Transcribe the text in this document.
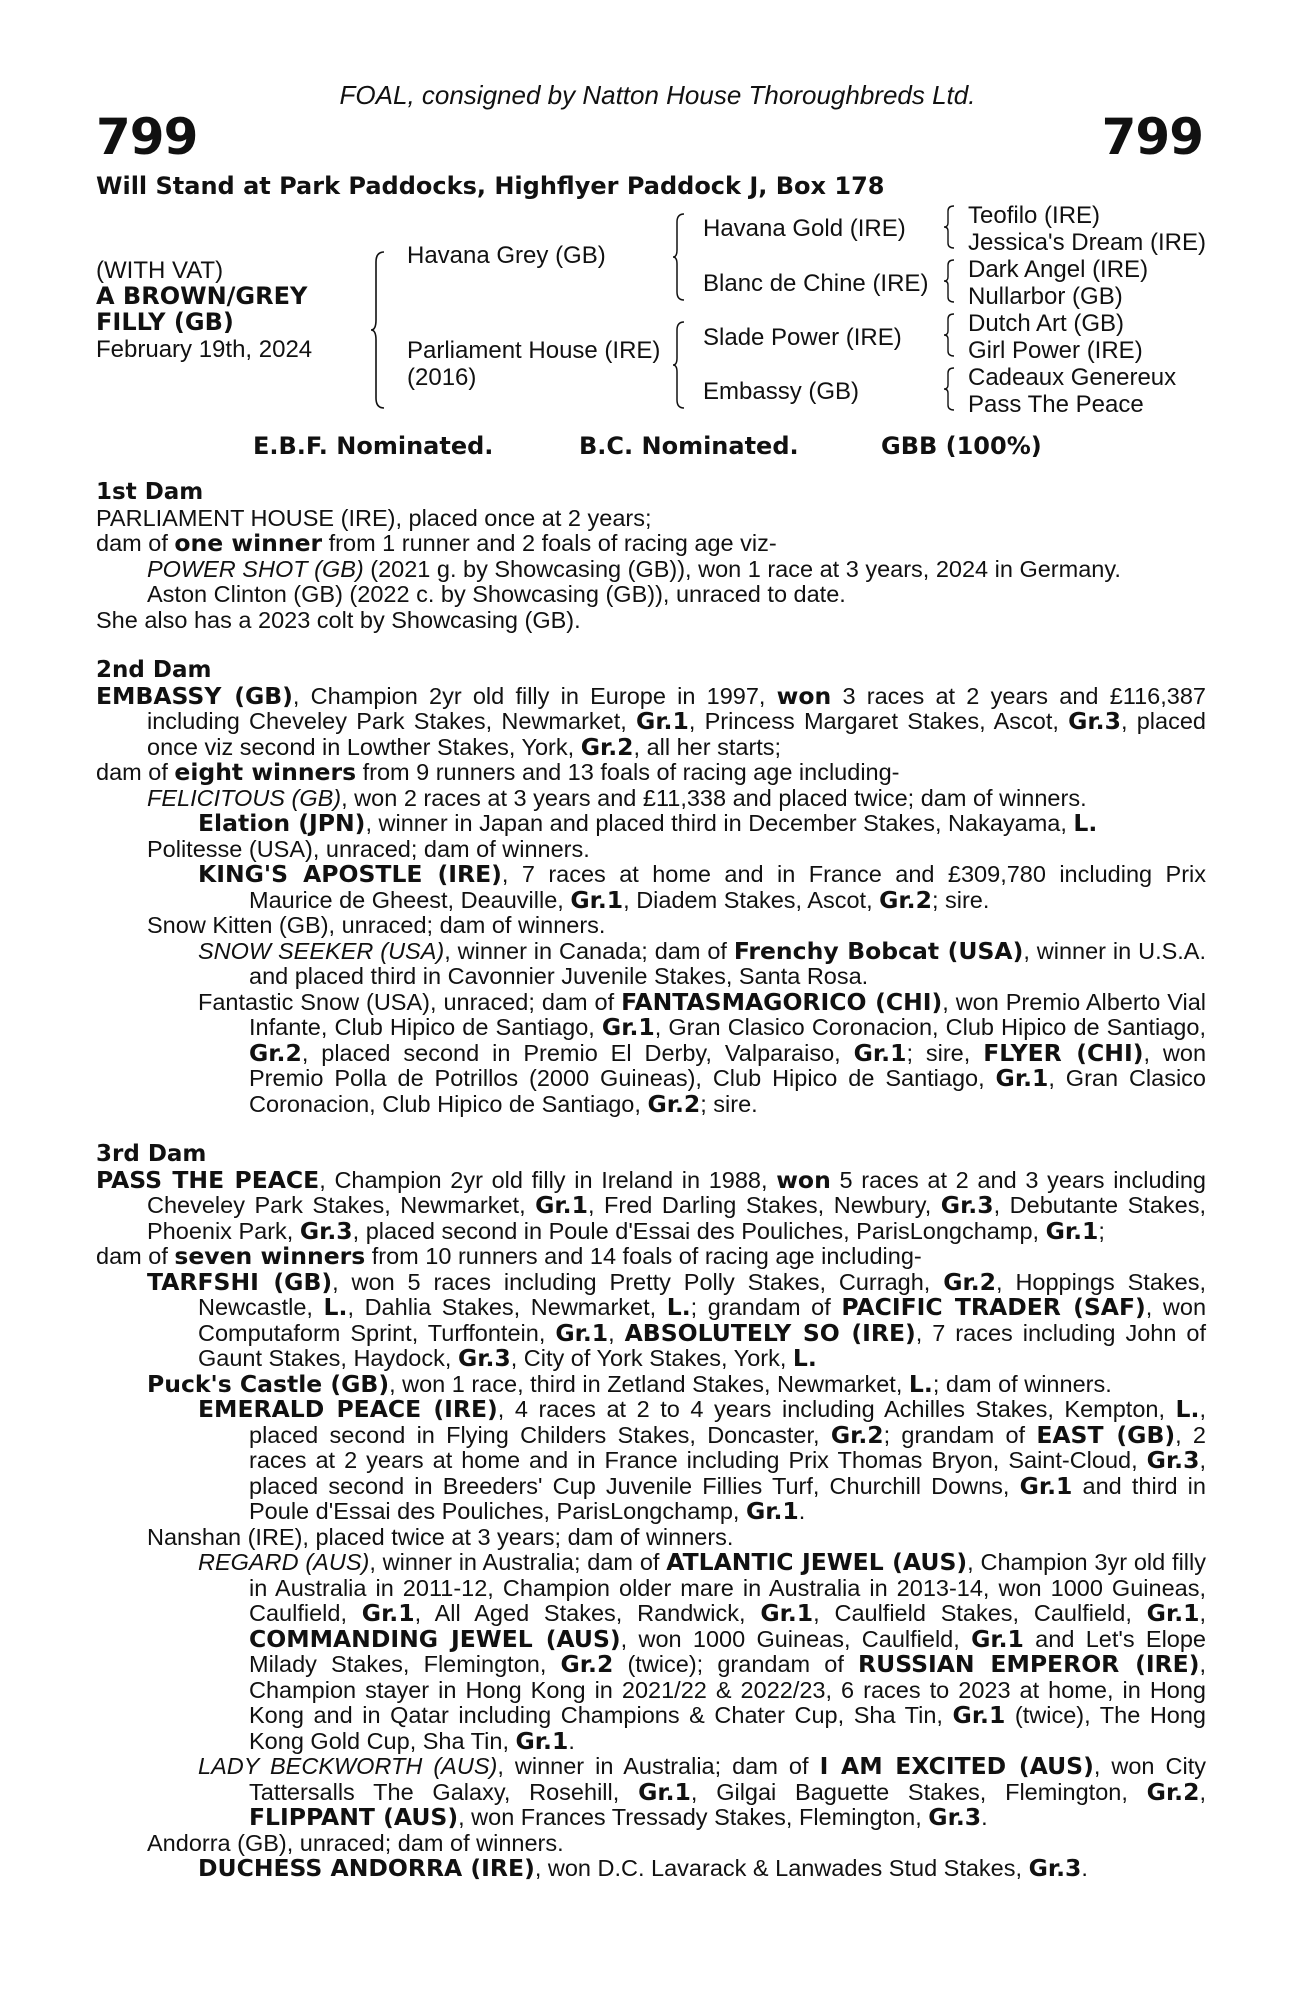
FOAL, consigned by Natton House Thoroughbreds Ltd.
799	799
Will Stand at Park Paddocks, Highflyer Paddock J, Box 178
(WITH VAT)
A BROWN/GREY
FILLY (GB)
February 19th, 2024
Havana Grey (GB)
Parliament House (IRE)
(2016)
Havana Gold (IRE)
Blanc de Chine (IRE)
Slade Power (IRE)
Embassy (GB)
Teofilo (IRE)
Jessica's Dream (IRE)
Dark Angel (IRE)
Nullarbor (GB)
Dutch Art (GB)
Girl Power (IRE)
Cadeaux Genereux
Pass The Peace
E.B.F. Nominated.	B.C. Nominated.	GBB (100%)

1st Dam

PARLIAMENT HOUSE (IRE), placed once at 2 years;

dam of one winner from 1 runner and 2 foals of racing age viz-

POWER SHOT (GB) (2021 g. by Showcasing (GB)), won 1 race at 3 years, 2024 in Germany.

Aston Clinton (GB) (2022 c. by Showcasing (GB)), unraced to date.

She also has a 2023 colt by Showcasing (GB).

2nd Dam

EMBASSY (GB), Champion 2yr old filly in Europe in 1997, won 3 races at 2 years and £116,387 including Cheveley Park Stakes, Newmarket, Gr.1, Princess Margaret Stakes, Ascot, Gr.3, placed once viz second in Lowther Stakes, York, Gr.2, all her starts;

dam of eight winners from 9 runners and 13 foals of racing age including-

FELICITOUS (GB), won 2 races at 3 years and £11,338 and placed twice; dam of winners.

Elation (JPN), winner in Japan and placed third in December Stakes, Nakayama, L.

Politesse (USA), unraced; dam of winners.

KING'S APOSTLE (IRE), 7 races at home and in France and £309,780 including Prix Maurice de Gheest, Deauville, Gr.1, Diadem Stakes, Ascot, Gr.2; sire.

Snow Kitten (GB), unraced; dam of winners.

SNOW SEEKER (USA), winner in Canada; dam of Frenchy Bobcat (USA), winner in U.S.A. and placed third in Cavonnier Juvenile Stakes, Santa Rosa.

Fantastic Snow (USA), unraced; dam of FANTASMAGORICO (CHI), won Premio Alberto Vial Infante, Club Hipico de Santiago, Gr.1, Gran Clasico Coronacion, Club Hipico de Santiago, Gr.2, placed second in Premio El Derby, Valparaiso, Gr.1; sire, FLYER (CHI), won Premio Polla de Potrillos (2000 Guineas), Club Hipico de Santiago, Gr.1, Gran Clasico Coronacion, Club Hipico de Santiago, Gr.2; sire.

3rd Dam

PASS THE PEACE, Champion 2yr old filly in Ireland in 1988, won 5 races at 2 and 3 years including Cheveley Park Stakes, Newmarket, Gr.1, Fred Darling Stakes, Newbury, Gr.3, Debutante Stakes, Phoenix Park, Gr.3, placed second in Poule d'Essai des Pouliches, ParisLongchamp, Gr.1;

dam of seven winners from 10 runners and 14 foals of racing age including-

TARFSHI (GB), won 5 races including Pretty Polly Stakes, Curragh, Gr.2, Hoppings Stakes, Newcastle, L., Dahlia Stakes, Newmarket, L.; grandam of PACIFIC TRADER (SAF), won Computaform Sprint, Turffontein, Gr.1, ABSOLUTELY SO (IRE), 7 races including John of Gaunt Stakes, Haydock, Gr.3, City of York Stakes, York, L.

Puck's Castle (GB), won 1 race, third in Zetland Stakes, Newmarket, L.; dam of winners.

EMERALD PEACE (IRE), 4 races at 2 to 4 years including Achilles Stakes, Kempton, L., placed second in Flying Childers Stakes, Doncaster, Gr.2; grandam of EAST (GB), 2 races at 2 years at home and in France including Prix Thomas Bryon, Saint-Cloud, Gr.3, placed second in Breeders' Cup Juvenile Fillies Turf, Churchill Downs, Gr.1 and third in Poule d'Essai des Pouliches, ParisLongchamp, Gr.1.

Nanshan (IRE), placed twice at 3 years; dam of winners.

REGARD (AUS), winner in Australia; dam of ATLANTIC JEWEL (AUS), Champion 3yr old filly in Australia in 2011-12, Champion older mare in Australia in 2013-14, won 1000 Guineas, Caulfield, Gr.1, All Aged Stakes, Randwick, Gr.1, Caulfield Stakes, Caulfield, Gr.1, COMMANDING JEWEL (AUS), won 1000 Guineas, Caulfield, Gr.1 and Let's Elope Milady Stakes, Flemington, Gr.2 (twice); grandam of RUSSIAN EMPEROR (IRE), Champion stayer in Hong Kong in 2021/22 & 2022/23, 6 races to 2023 at home, in Hong Kong and in Qatar including Champions & Chater Cup, Sha Tin, Gr.1 (twice), The Hong Kong Gold Cup, Sha Tin, Gr.1.

LADY BECKWORTH (AUS), winner in Australia; dam of I AM EXCITED (AUS), won City Tattersalls The Galaxy, Rosehill, Gr.1, Gilgai Baguette Stakes, Flemington, Gr.2, FLIPPANT (AUS), won Frances Tressady Stakes, Flemington, Gr.3.

Andorra (GB), unraced; dam of winners.

DUCHESS ANDORRA (IRE), won D.C. Lavarack & Lanwades Stud Stakes, Gr.3.
